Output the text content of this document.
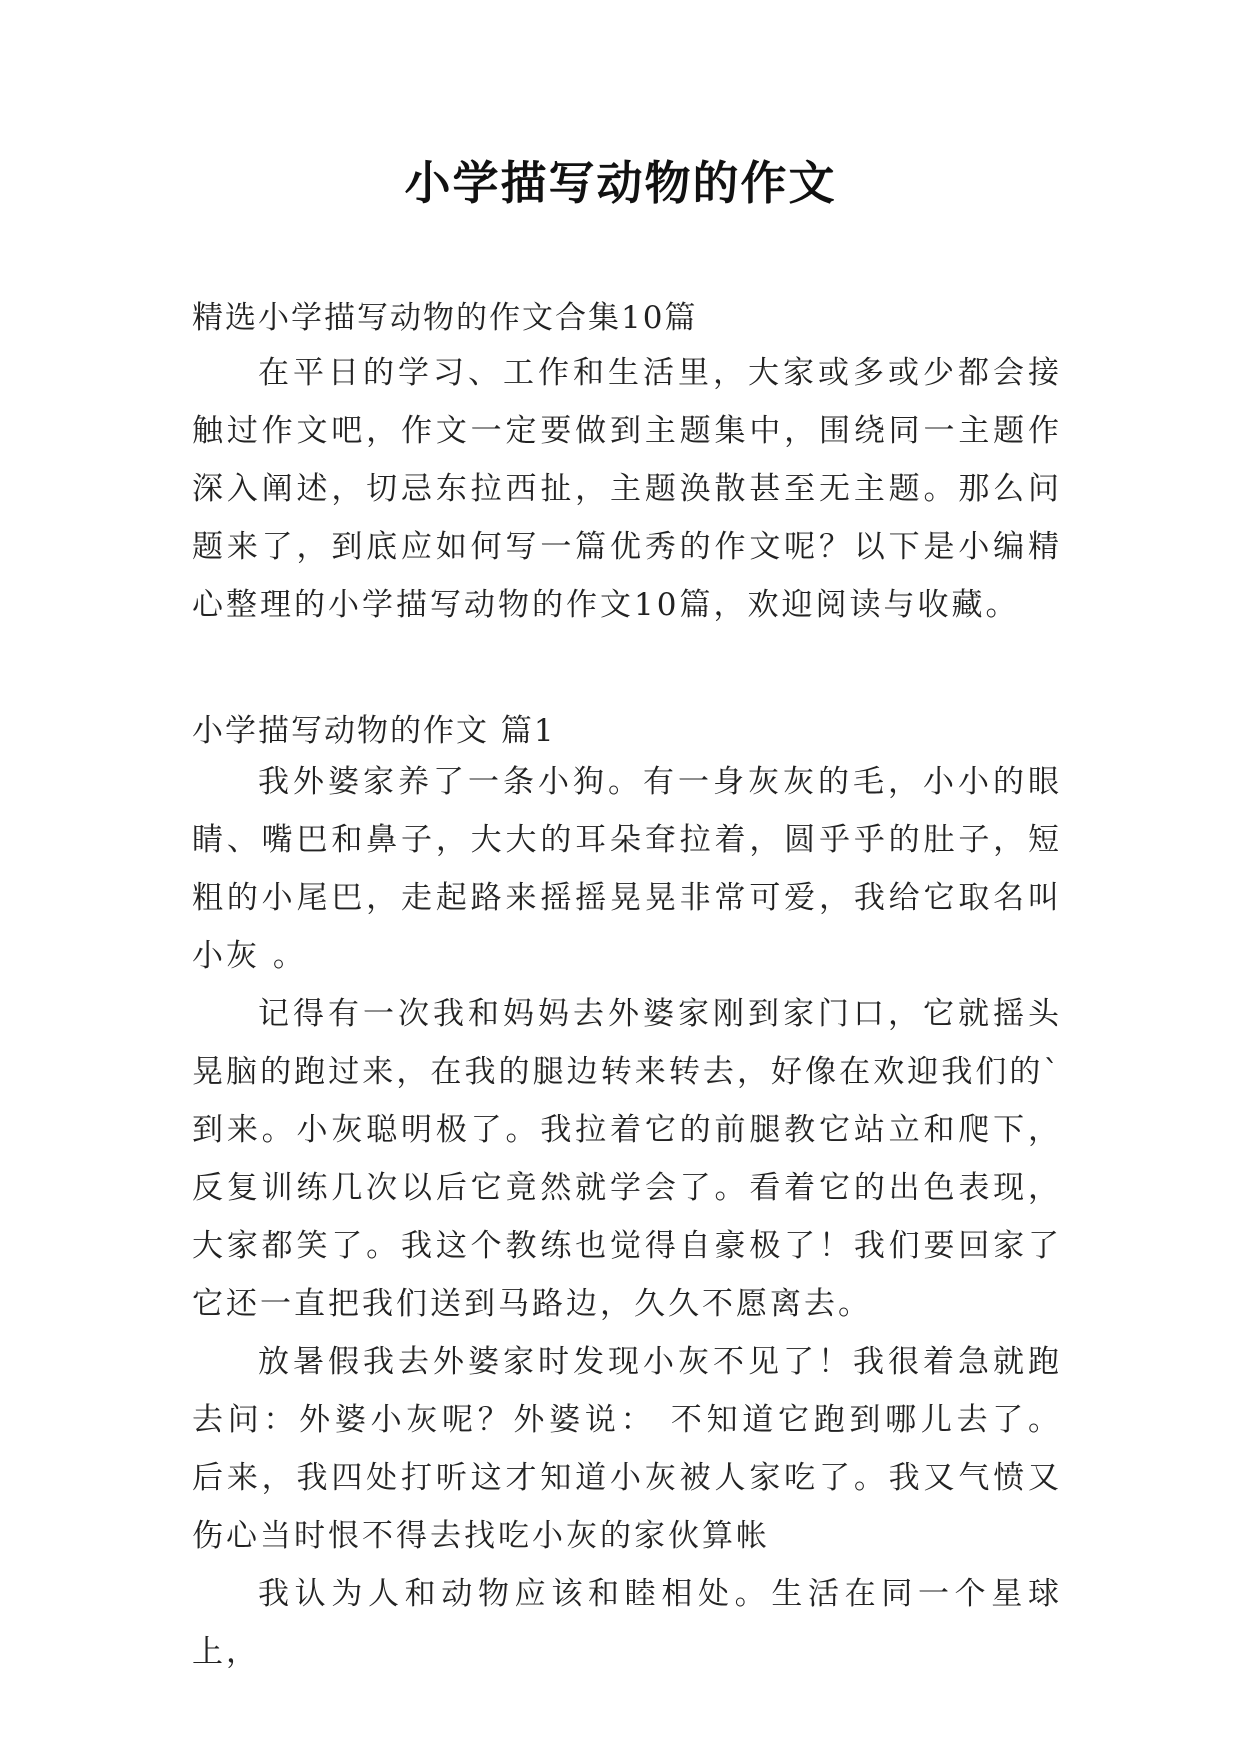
小学描写动物的作文
精选小学描写动物的作文合集10篇

在平日的学习、工作和生活里，大家或多或少都会接触过作文吧，作文一定要做到主题集中，围绕同一主题作深入阐述，切忌东拉西扯，主题涣散甚至无主题。那么问题来了，到底应如何写一篇优秀的作文呢？以下是小编精心整理的小学描写动物的作文10篇，欢迎阅读与收藏。

小学描写动物的作文 篇1

我外婆家养了一条小狗。有一身灰灰的毛，小小的眼睛、嘴巴和鼻子，大大的耳朵耷拉着，圆乎乎的肚子，短粗的小尾巴，走起路来摇摇晃晃非常可爱，我给它取名叫 小灰 。

记得有一次我和妈妈去外婆家刚到家门口，它就摇头晃脑的跑过来，在我的腿边转来转去，好像在欢迎我们的`到来。小灰聪明极了。我拉着它的前腿教它站立和爬下，反复训练几次以后它竟然就学会了。看着它的出色表现，大家都笑了。我这个教练也觉得自豪极了！我们要回家了它还一直把我们送到马路边，久久不愿离去。

放暑假我去外婆家时发现小灰不见了！我很着急就跑去问：外婆小灰呢？外婆说： 不知道它跑到哪儿去了。 后来，我四处打听这才知道小灰被人家吃了。我又气愤又伤心当时恨不得去找吃小灰的家伙算帐

我认为人和动物应该和睦相处。生活在同一个星球上，
